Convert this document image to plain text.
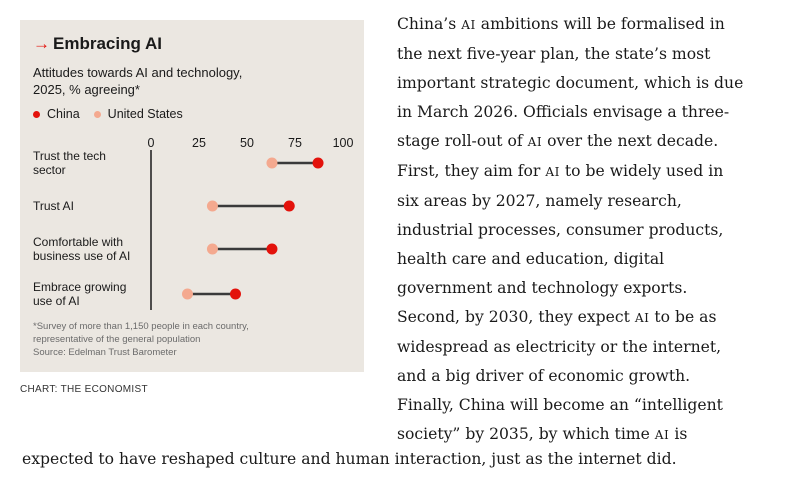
→ Embracing AI
Attitudes towards AI and technology,
2025, % agreeing*
China United States
0	25	50	75 100
Trust the tech
sector
Trust AI
Comfortable with
business use of AI
Embrace growing
use of AI
*Survey of more than 1,150 people in each country,
representative of the general population
Source: Edelman Trust Barometer
CHART: THE ECONOMIST
China’s AI ambitions will be formalised in
the next five-year plan, the state’s most
important strategic document, which is due
in March 2026. Officials envisage a three-
stage roll-out of AI over the next decade.
First, they aim for AI to be widely used in
six areas by 2027, namely research,
industrial processes, consumer products,
health care and education, digital
government and technology exports.
Second, by 2030, they expect AI to be as
widespread as electricity or the internet,
and a big driver of economic growth.
Finally, China will become an “intelligent
society” by 2035, by which time AI is
expected to have reshaped culture and human interaction, just as the internet did.
